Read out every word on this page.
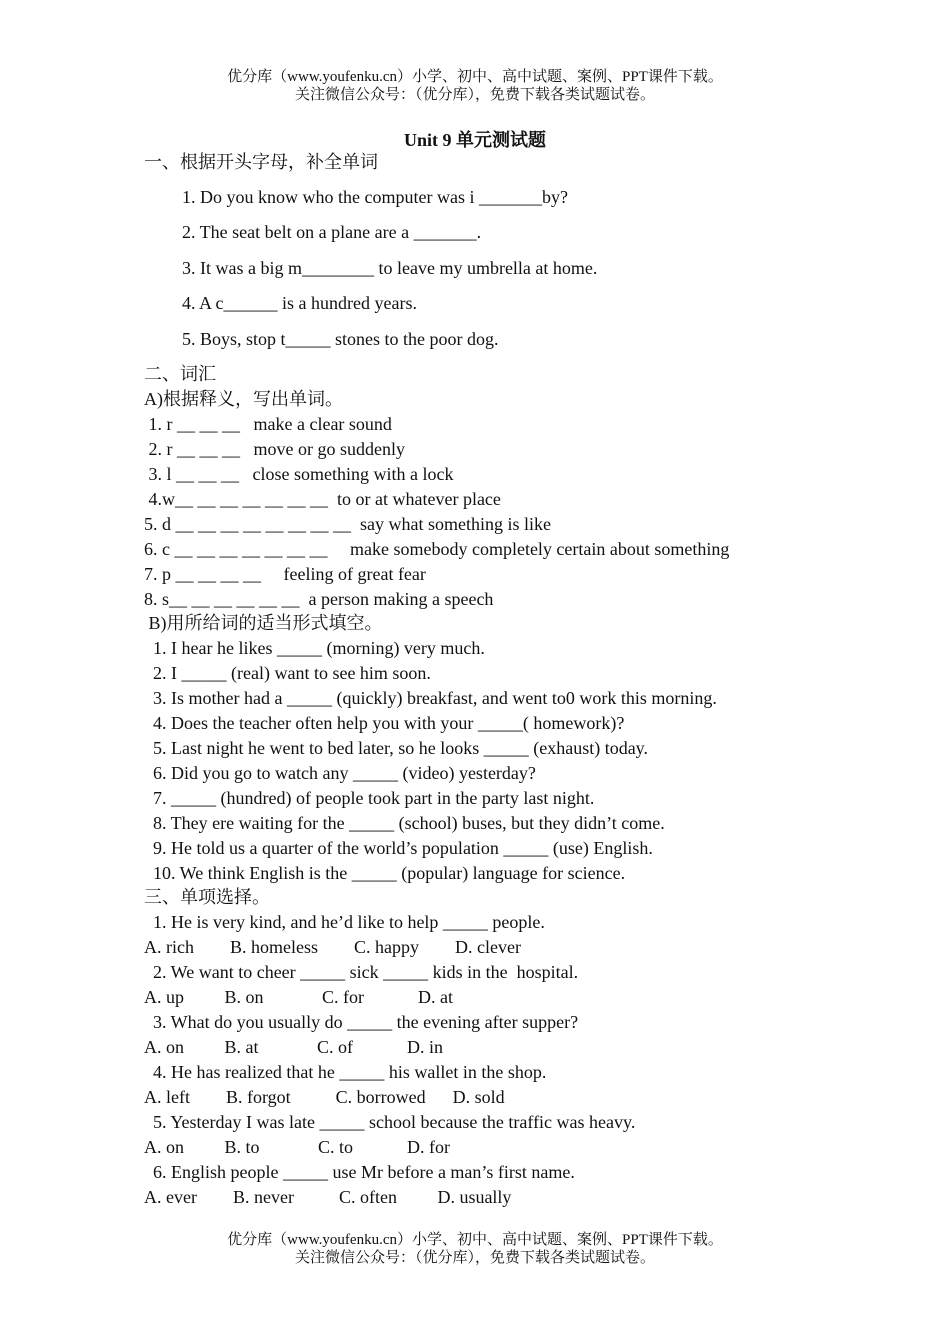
优分库（www.youfenku.cn）小学、初中、高中试题、案例、PPT课件下载。
关注微信公众号：（优分库），免费下载各类试题试卷。
Unit 9 单元测试题
一、根据开头字母，补全单词
1. Do you know who the computer was i _______by?
2. The seat belt on a plane are a _______.
3. It was a big m________ to leave my umbrella at home.
4. A c______ is a hundred years.
5. Boys, stop t_____ stones to the poor dog.
二、词汇
A)根据释义，写出单词。
1. r __ __ __   make a clear sound
2. r __ __ __   move or go suddenly
3. l __ __ __   close something with a lock
4.w__ __ __ __ __ __ __  to or at whatever place
5. d __ __ __ __ __ __ __ __  say what something is like
6. c __ __ __ __ __ __ __     make somebody completely certain about something
7. p __ __ __ __     feeling of great fear
8. s__ __ __ __ __ __  a person making a speech
B)用所给词的适当形式填空。
1. I hear he likes _____ (morning) very much.
2. I _____ (real) want to see him soon.
3. Is mother had a _____ (quickly) breakfast, and went to0 work this morning.
4. Does the teacher often help you with your _____( homework)?
5. Last night he went to bed later, so he looks _____ (exhaust) today.
6. Did you go to watch any _____ (video) yesterday?
7. _____ (hundred) of people took part in the party last night.
8. They ere waiting for the _____ (school) buses, but they didn’t come.
9. He told us a quarter of the world’s population _____ (use) English.
10. We think English is the _____ (popular) language for science.
三、单项选择。
1. He is very kind, and he’d like to help _____ people.
A. rich        B. homeless        C. happy        D. clever
2. We want to cheer _____ sick _____ kids in the  hospital.
A. up         B. on             C. for            D. at
3. What do you usually do _____ the evening after supper?
A. on         B. at             C. of            D. in
4. He has realized that he _____ his wallet in the shop.
A. left        B. forgot          C. borrowed      D. sold
5. Yesterday I was late _____ school because the traffic was heavy.
A. on         B. to             C. to            D. for
6. English people _____ use Mr before a man’s first name.
A. ever        B. never          C. often         D. usually
优分库（www.youfenku.cn）小学、初中、高中试题、案例、PPT课件下载。
关注微信公众号：（优分库），免费下载各类试题试卷。
